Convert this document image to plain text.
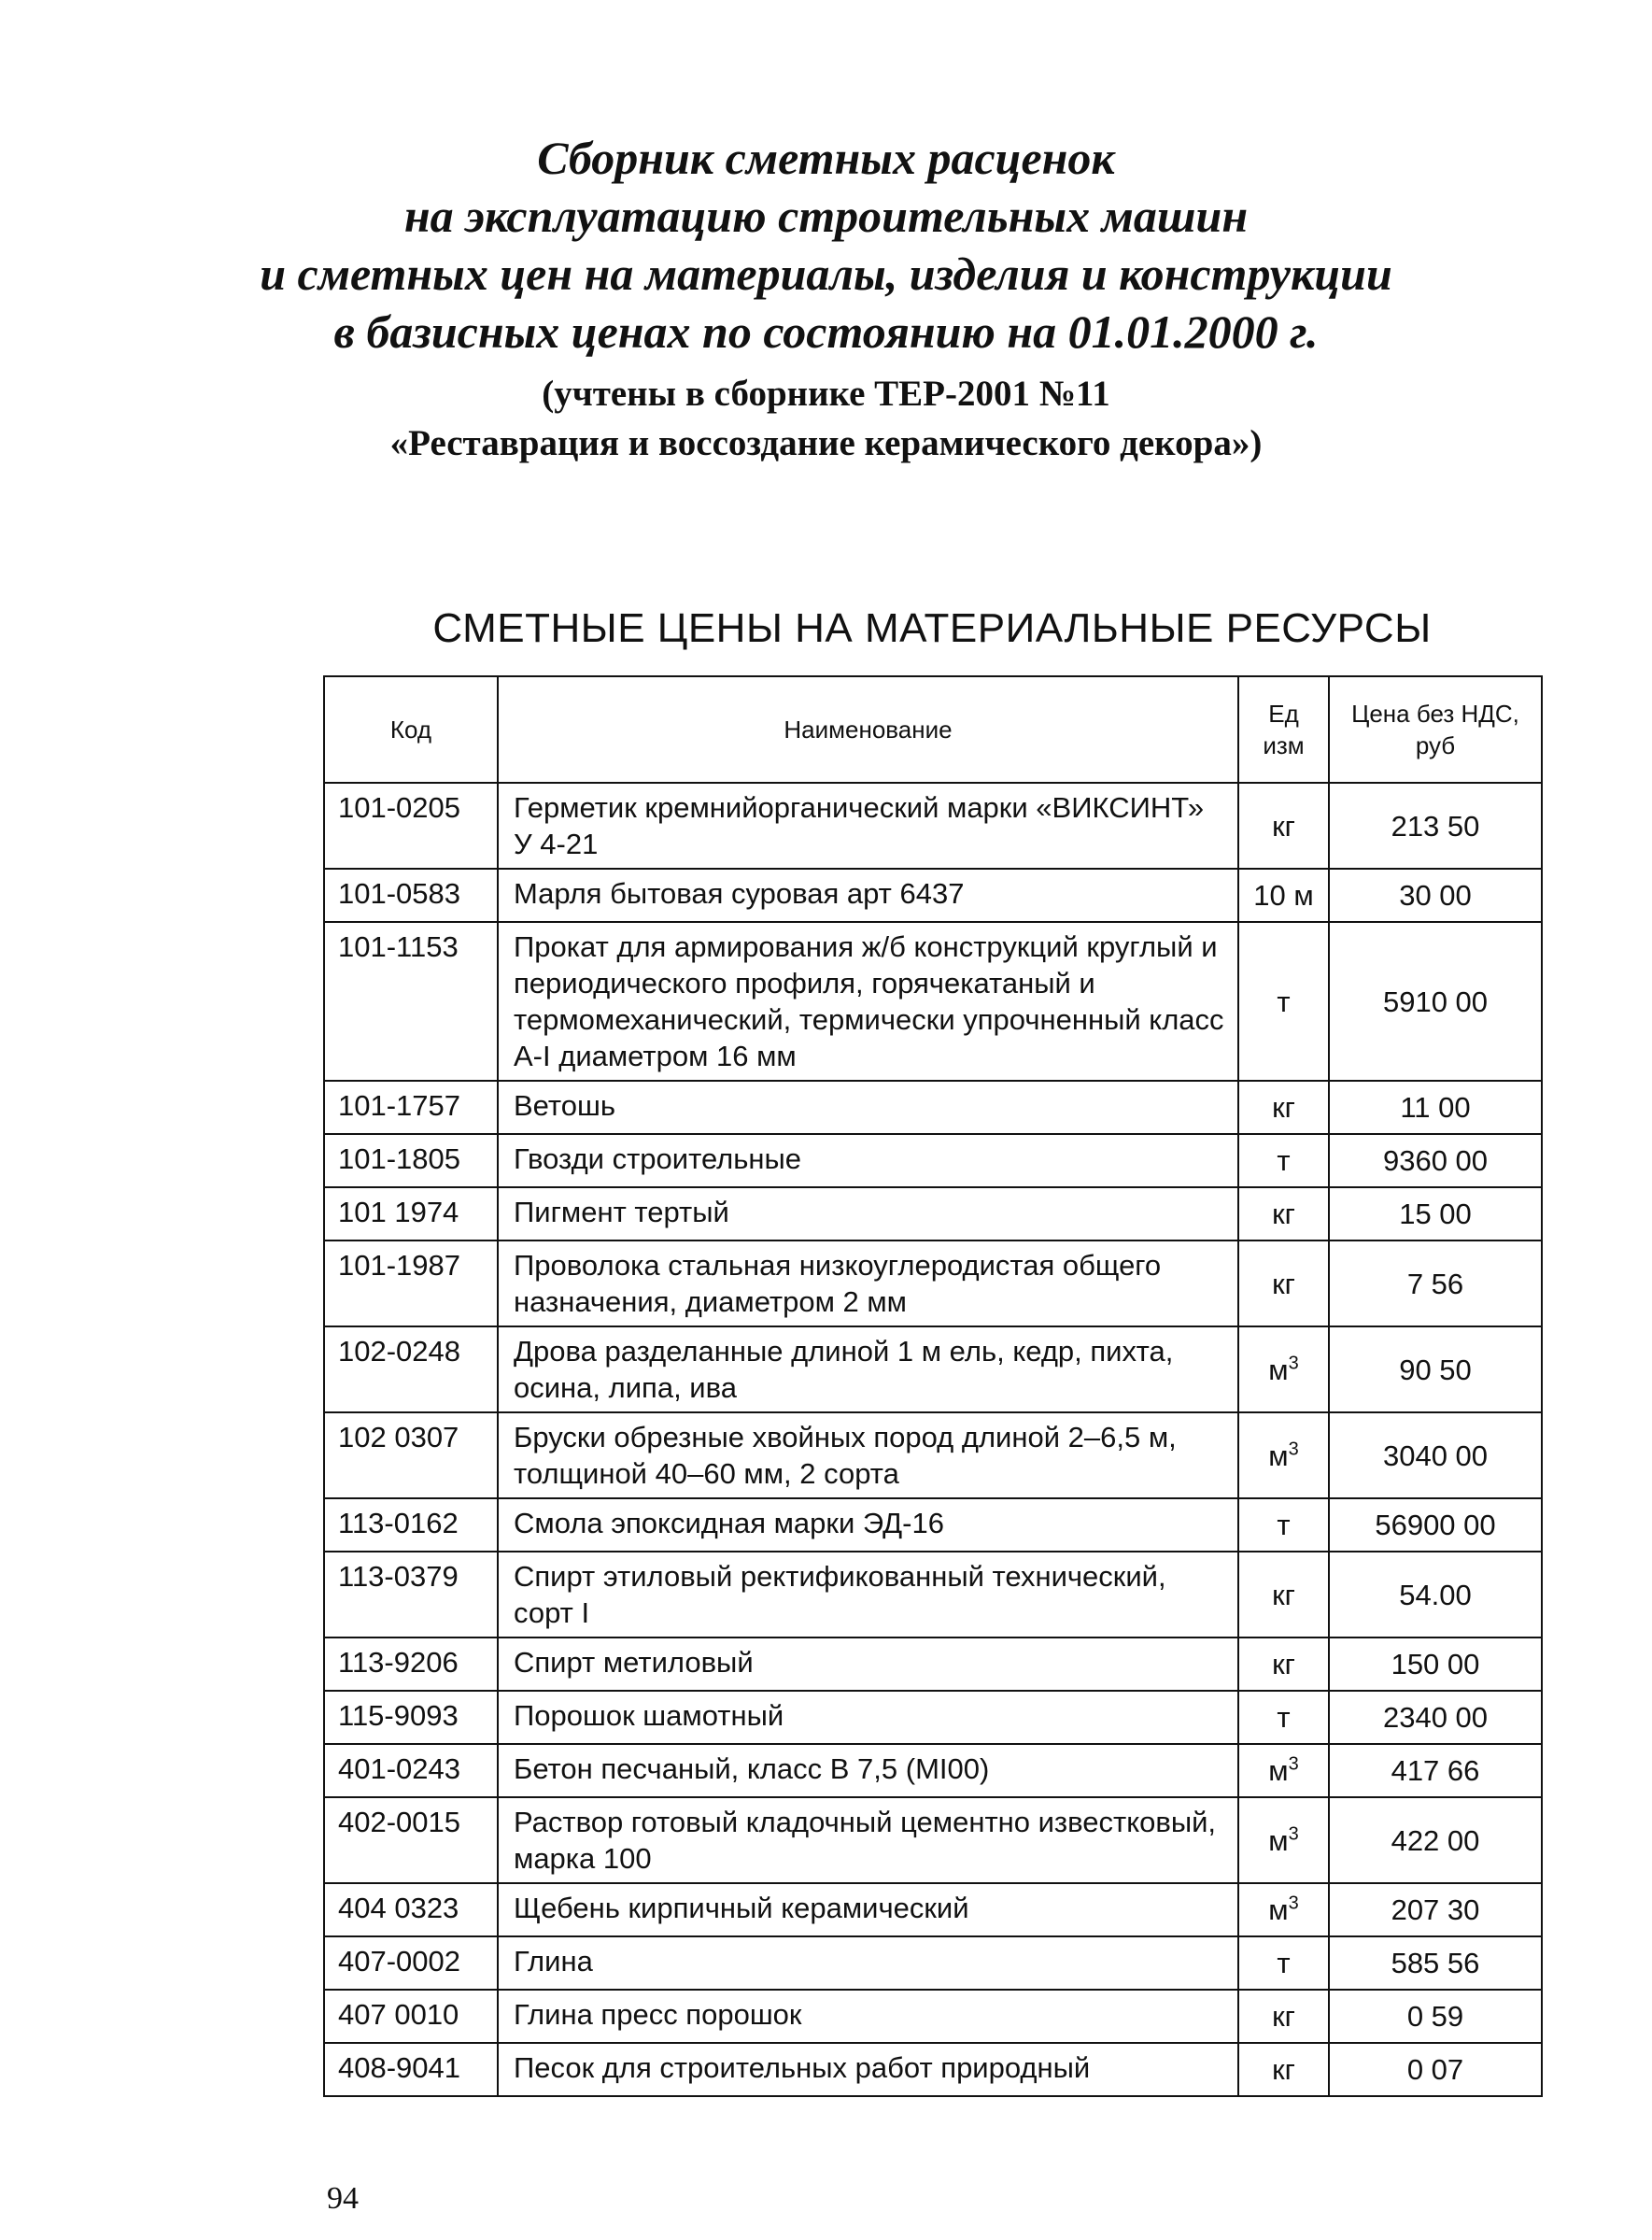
Сборник сметных расценок
на эксплуатацию строительных машин
и сметных цен на материалы, изделия и конструкции
в базисных ценах по состоянию на 01.01.2000 г.
(учтены в сборнике ТЕР-2001 №11
«Реставрация и воссоздание керамического декора»)
СМЕТНЫЕ ЦЕНЫ НА МАТЕРИАЛЬНЫЕ РЕСУРСЫ
Код	Наименование	Ед изм	Цена без НДС, руб
101-0205	Герметик кремнийорганический марки «ВИКСИНТ» У 4-21	кг	213 50
101-0583	Марля бытовая суровая арт 6437	10 м	30 00
101-1153	Прокат для армирования ж/б конструкций круглый и периодического профиля, горячекатаный и термомеханический, термически упрочненный класс А-I диаметром 16 мм	т	5910 00
101-1757	Ветошь	кг	11 00
101-1805	Гвозди строительные	т	9360 00
101 1974	Пигмент тертый	кг	15 00
101-1987	Проволока стальная низкоуглеродистая общего назначения, диаметром 2 мм	кг	7 56
102-0248	Дрова разделанные длиной 1 м ель, кедр, пихта, осина, липа, ива	$м^3$	90 50
102 0307	Бруски обрезные хвойных пород длиной 2–6,5 м, толщиной 40–60 мм, 2 сорта	$м^3$	3040 00
113-0162	Смола эпоксидная марки ЭД-16	т	56900 00
113-0379	Спирт этиловый ректификованный технический, сорт I	кг	54.00
113-9206	Спирт метиловый	кг	150 00
115-9093	Порошок шамотный	т	2340 00
401-0243	Бетон песчаный, класс В 7,5 (МI00)	$м^3$	417 66
402-0015	Раствор готовый кладочный цементно известковый, марка 100	$м^3$	422 00
404 0323	Щебень кирпичный керамический	$м^3$	207 30
407-0002	Глина	т	585 56
407 0010	Глина пресс порошок	кг	0 59
408-9041	Песок для строительных работ природный	кг	0 07
94
